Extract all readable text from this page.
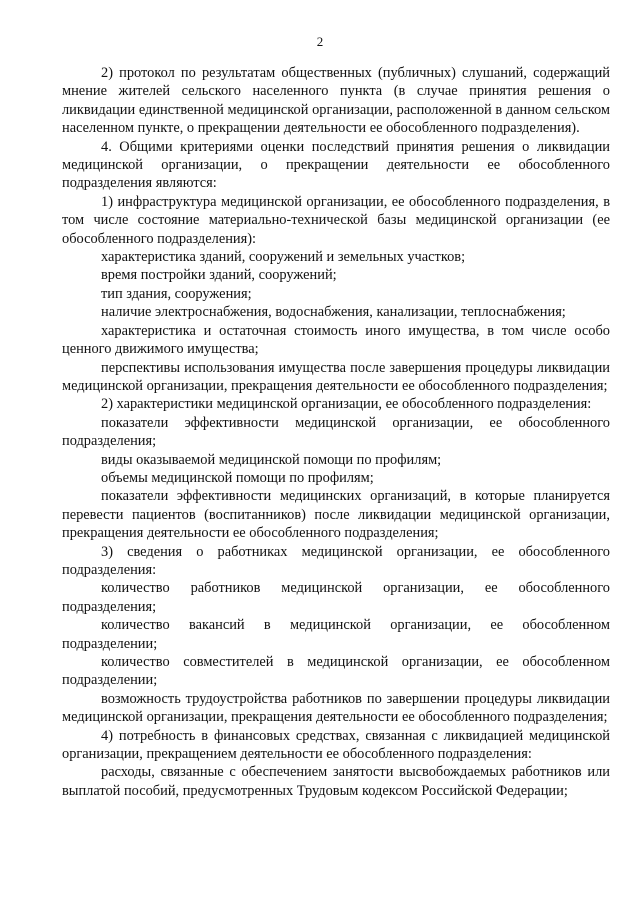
2

2) протокол по результатам общественных (публичных) слушаний, содержащий мнение жителей сельского населенного пункта (в случае принятия решения о ликвидации единственной медицинской организации, расположенной в данном сельском населенном пункте, о прекращении деятельности ее обособленного подразделения).

4. Общими критериями оценки последствий принятия решения о ликвидации медицинской организации, о прекращении деятельности ее обособленного подразделения являются:

1) инфраструктура медицинской организации, ее обособленного подразделения, в том числе состояние материально-технической базы медицинской организации (ее обособленного подразделения):

характеристика зданий, сооружений и земельных участков;

время постройки зданий, сооружений;

тип здания, сооружения;

наличие электроснабжения, водоснабжения, канализации, теплоснабжения;

характеристика и остаточная стоимость иного имущества, в том числе особо ценного движимого имущества;

перспективы использования имущества после завершения процедуры ликвидации медицинской организации, прекращения деятельности ее обособленного подразделения;

2) характеристики медицинской организации, ее обособленного подразделения:

показатели эффективности медицинской организации, ее обособленного подразделения;

виды оказываемой медицинской помощи по профилям;

объемы медицинской помощи по профилям;

показатели эффективности медицинских организаций, в которые планируется перевести пациентов (воспитанников) после ликвидации медицинской организации, прекращения деятельности ее обособленного подразделения;

3) сведения о работниках медицинской организации, ее обособленного подразделения:

количество работников медицинской организации, ее обособленного подразделения;

количество вакансий в медицинской организации, ее обособленном подразделении;

количество совместителей в медицинской организации, ее обособленном подразделении;

возможность трудоустройства работников по завершении процедуры ликвидации медицинской организации, прекращения деятельности ее обособленного подразделения;

4) потребность в финансовых средствах, связанная с ликвидацией медицинской организации, прекращением деятельности ее обособленного подразделения:

расходы, связанные с обеспечением занятости высвобождаемых работников или выплатой пособий, предусмотренных Трудовым кодексом Российской Федерации;
